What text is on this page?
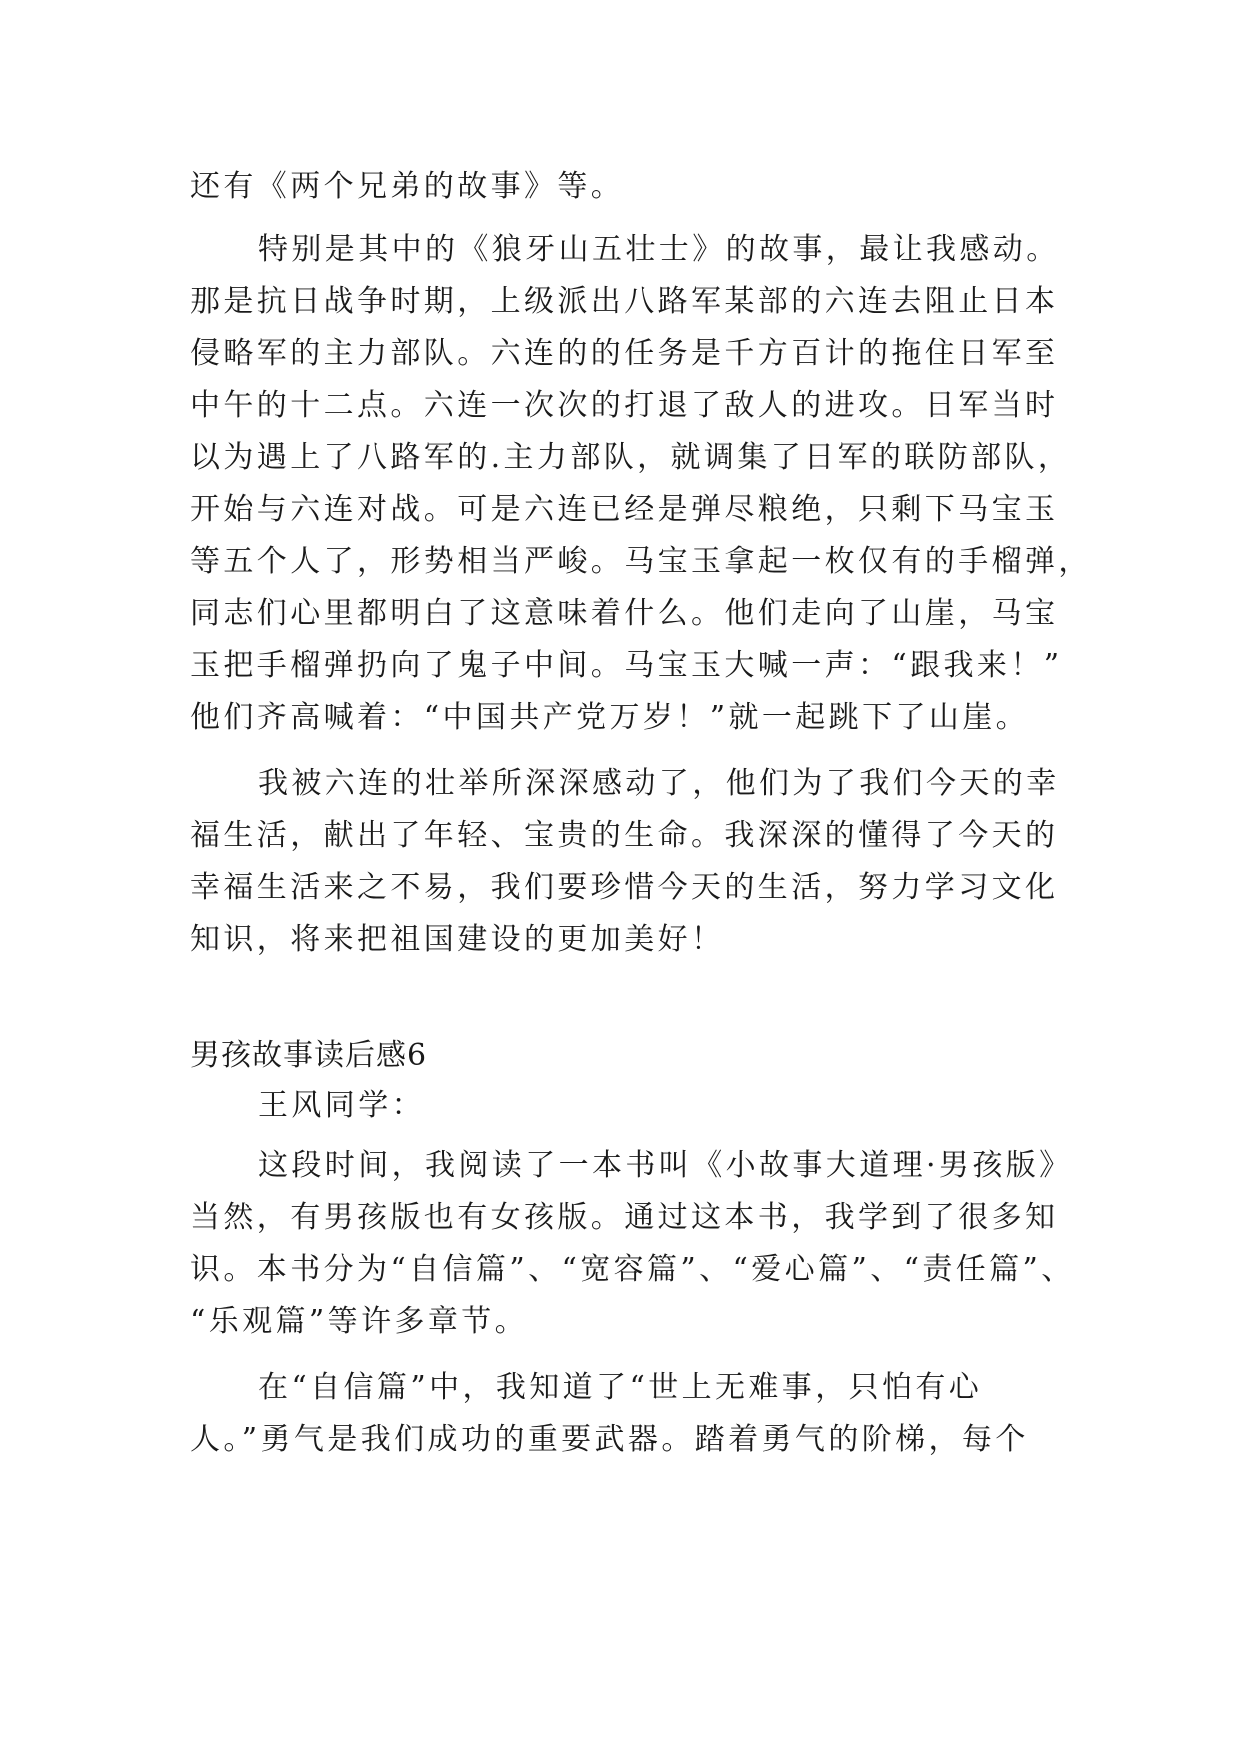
还有《两个兄弟的故事》等。
特别是其中的《狼牙山五壮士》的故事，最让我感动。
那是抗日战争时期，上级派出八路军某部的六连去阻止日本
侵略军的主力部队。六连的的任务是千方百计的拖住日军至
中午的十二点。六连一次次的打退了敌人的进攻。日军当时
以为遇上了八路军的.主力部队，就调集了日军的联防部队，
开始与六连对战。可是六连已经是弹尽粮绝，只剩下马宝玉
等五个人了，形势相当严峻。马宝玉拿起一枚仅有的手榴弹，
同志们心里都明白了这意味着什么。他们走向了山崖，马宝
玉把手榴弹扔向了鬼子中间。马宝玉大喊一声：“跟我来！”
他们齐高喊着：“中国共产党万岁！”就一起跳下了山崖。
我被六连的壮举所深深感动了，他们为了我们今天的幸
福生活，献出了年轻、宝贵的生命。我深深的懂得了今天的
幸福生活来之不易，我们要珍惜今天的生活，努力学习文化
知识，将来把祖国建设的更加美好！
男孩故事读后感6
王风同学：
这段时间，我阅读了一本书叫《小故事大道理·男孩版》
当然，有男孩版也有女孩版。通过这本书，我学到了很多知
识。本书分为“自信篇”、“宽容篇”、“爱心篇”、“责任篇”、
“乐观篇”等许多章节。
在“自信篇”中，我知道了“世上无难事，只怕有心
人。”勇气是我们成功的重要武器。踏着勇气的阶梯，每个
